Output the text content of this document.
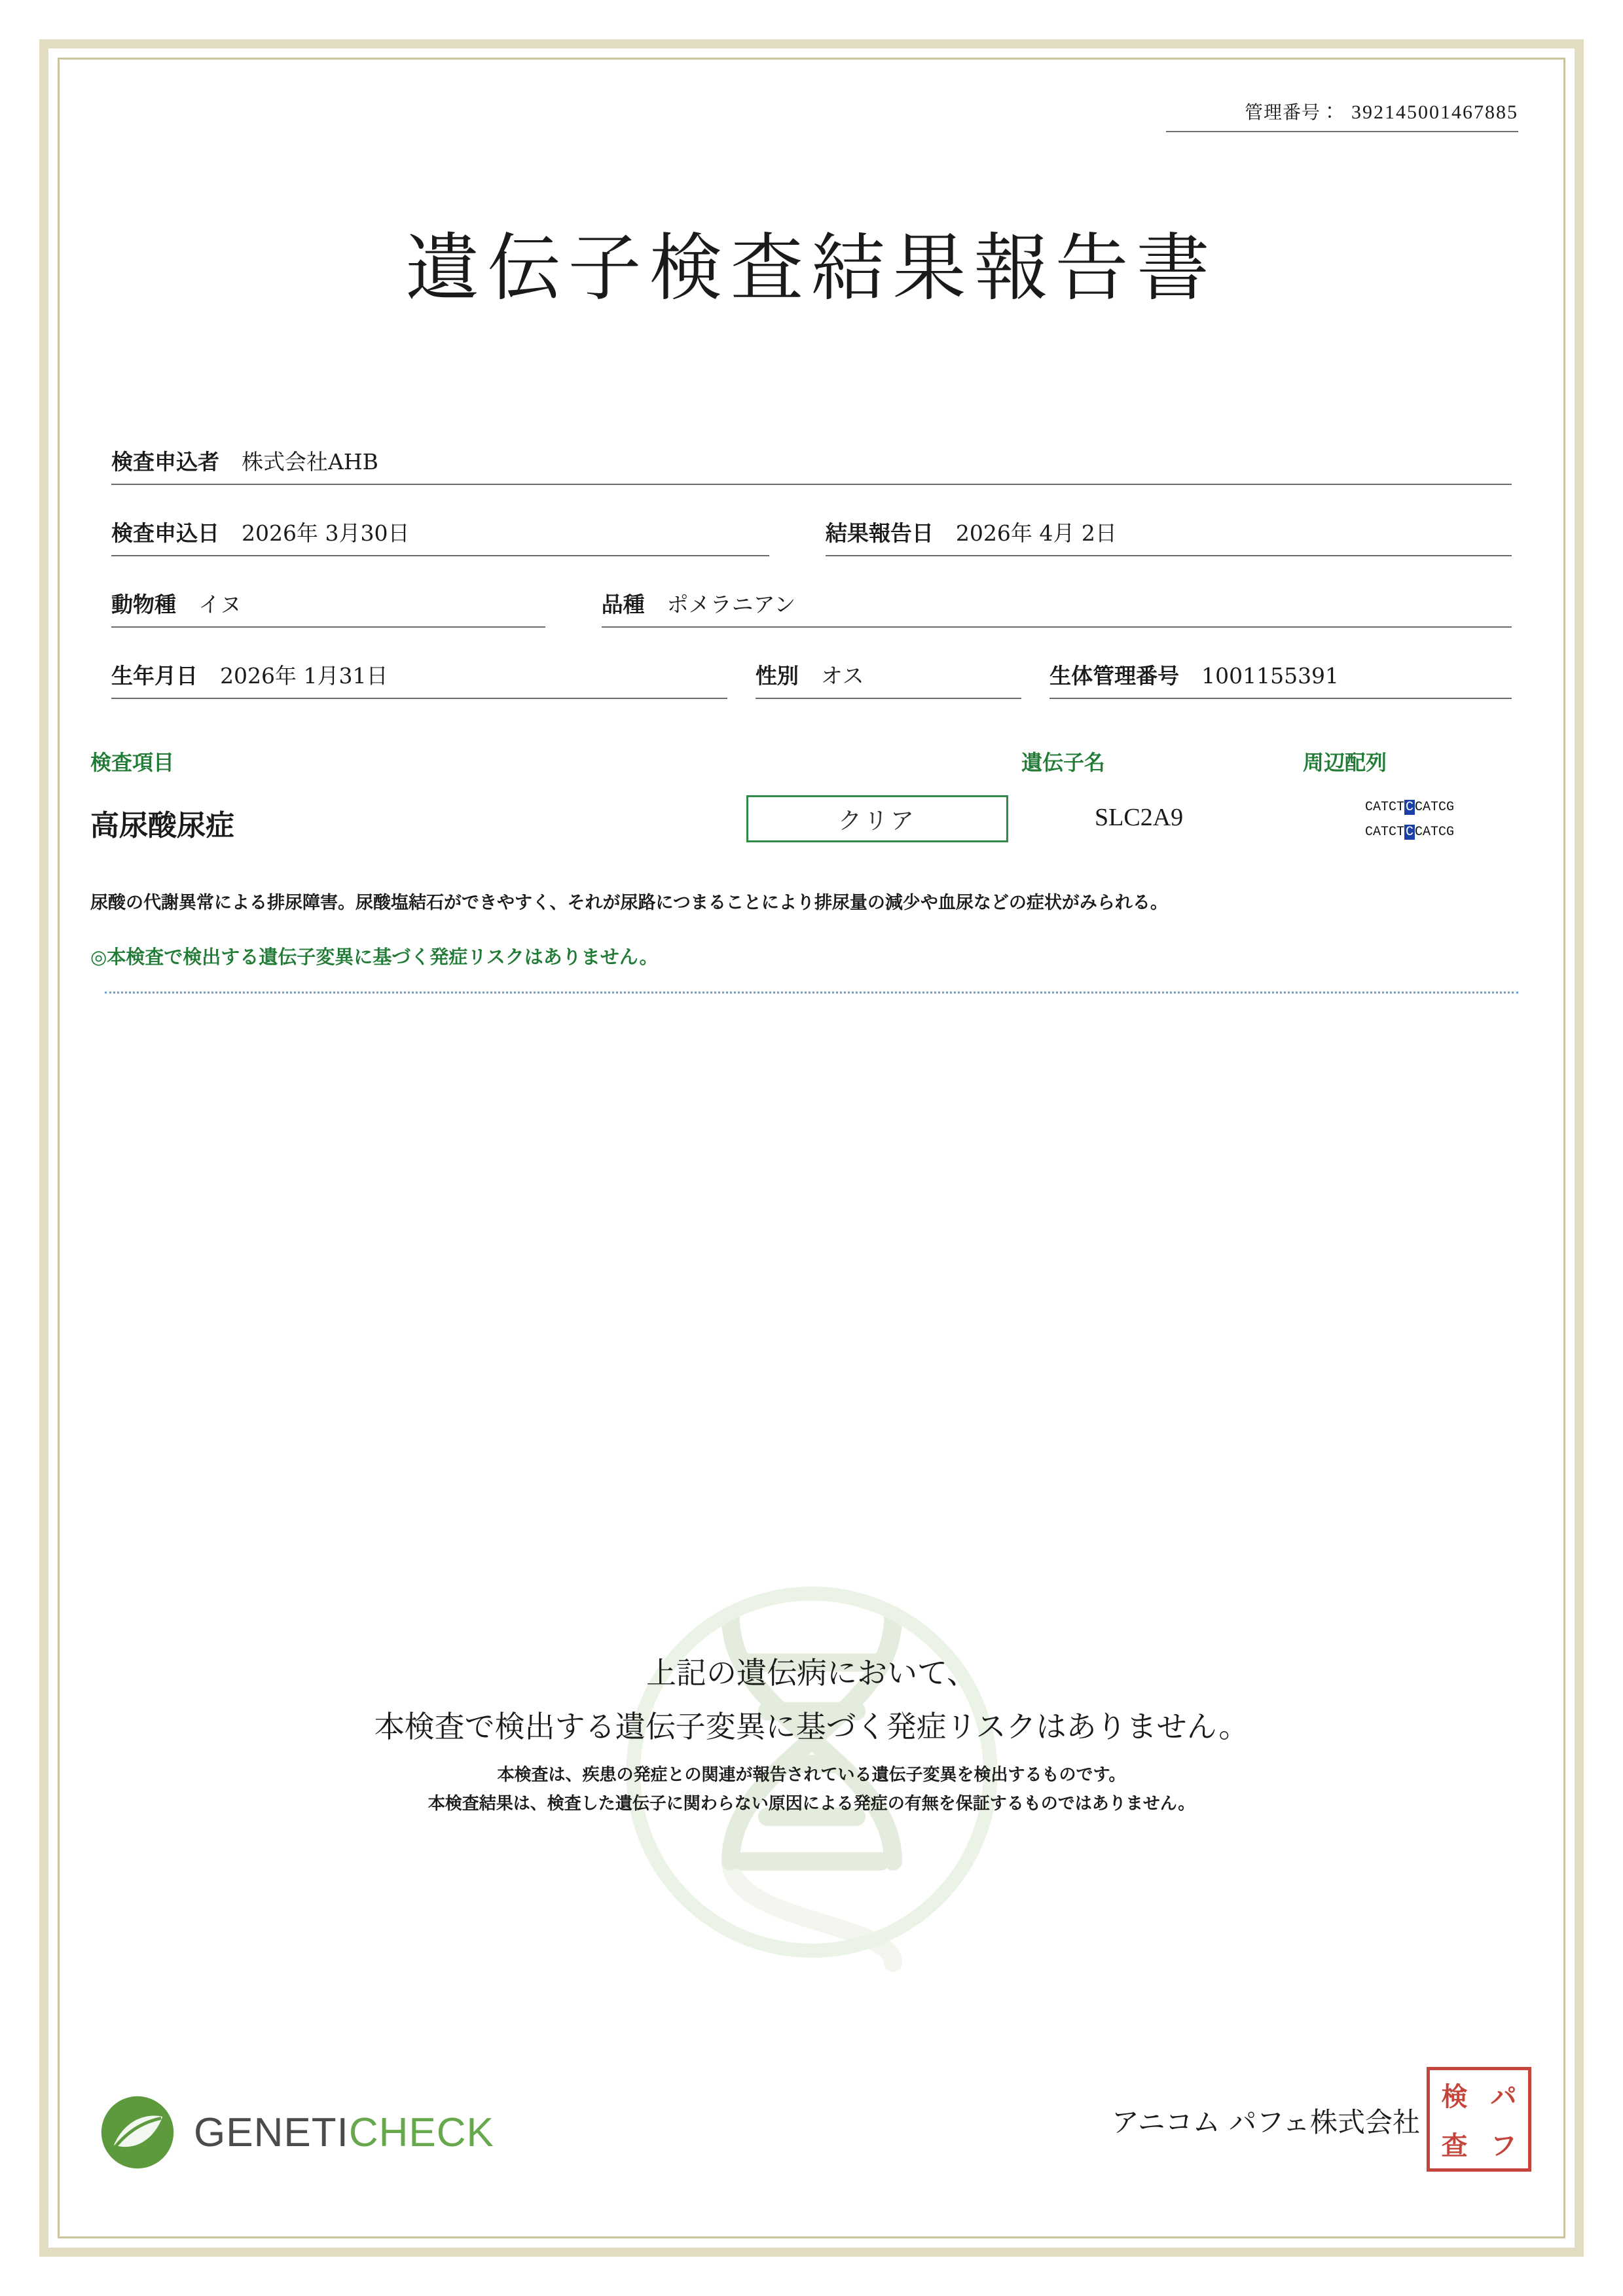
管理番号： 392145001467885
遺伝子検査結果報告書
検査申込者 株式会社AHB
検査申込日 2026年 3月30日	結果報告日 2026年 4月 2日
動物種 イヌ	品種 ポメラニアン
生年月日 2026年 1月31日	性別 オス	生体管理番号 1001155391
検査項目	遺伝子名	周辺配列
高尿酸尿症	クリア	SLC2A9	CATCT C CATCG
CATCT C CATCG
尿酸の代謝異常による排尿障害。尿酸塩結石ができやすく、それが尿路につまることにより排尿量の減少や血尿などの症状がみられる。
◎本検査で検出する遺伝子変異に基づく発症リスクはありません。
上記の遺伝病において、
本検査で検出する遺伝子変異に基づく発症リスクはありません。
本検査は、疾患の発症との関連が報告されている遺伝子変異を検出するものです。
本検査結果は、検査した遺伝子に関わらない原因による発症の有無を保証するものではありません。
GENETICHECK	アニコム パフェ株式会社
検 パ
查 フ
